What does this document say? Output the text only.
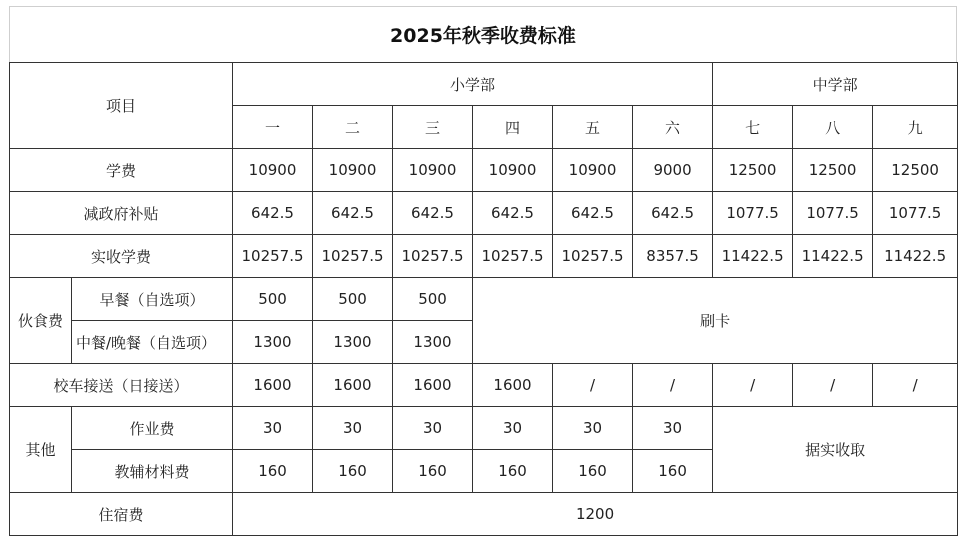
2025年秋季收费标准
项目		小学部						中学部		
		一	二	三	四	五	六	七	八	九
学费		10900	10900	10900	10900	10900	9000	12500	12500	12500
减政府补贴		642.5	642.5	642.5	642.5	642.5	642.5	1077.5	1077.5	1077.5
实收学费		10257.5	10257.5	10257.5	10257.5	10257.5	8357.5	11422.5	11422.5	11422.5
伙食费	早餐（自选项）	500	500	500	刷卡					
	中餐/晚餐（自选项）	1300	1300	1300						
校车接送（日接送）		1600	1600	1600	1600	/	/	/	/	/
其他	作业费	30	30	30	30	30	30	据实收取		
	教辅材料费	160	160	160	160	160	160			
住宿费		1200								
